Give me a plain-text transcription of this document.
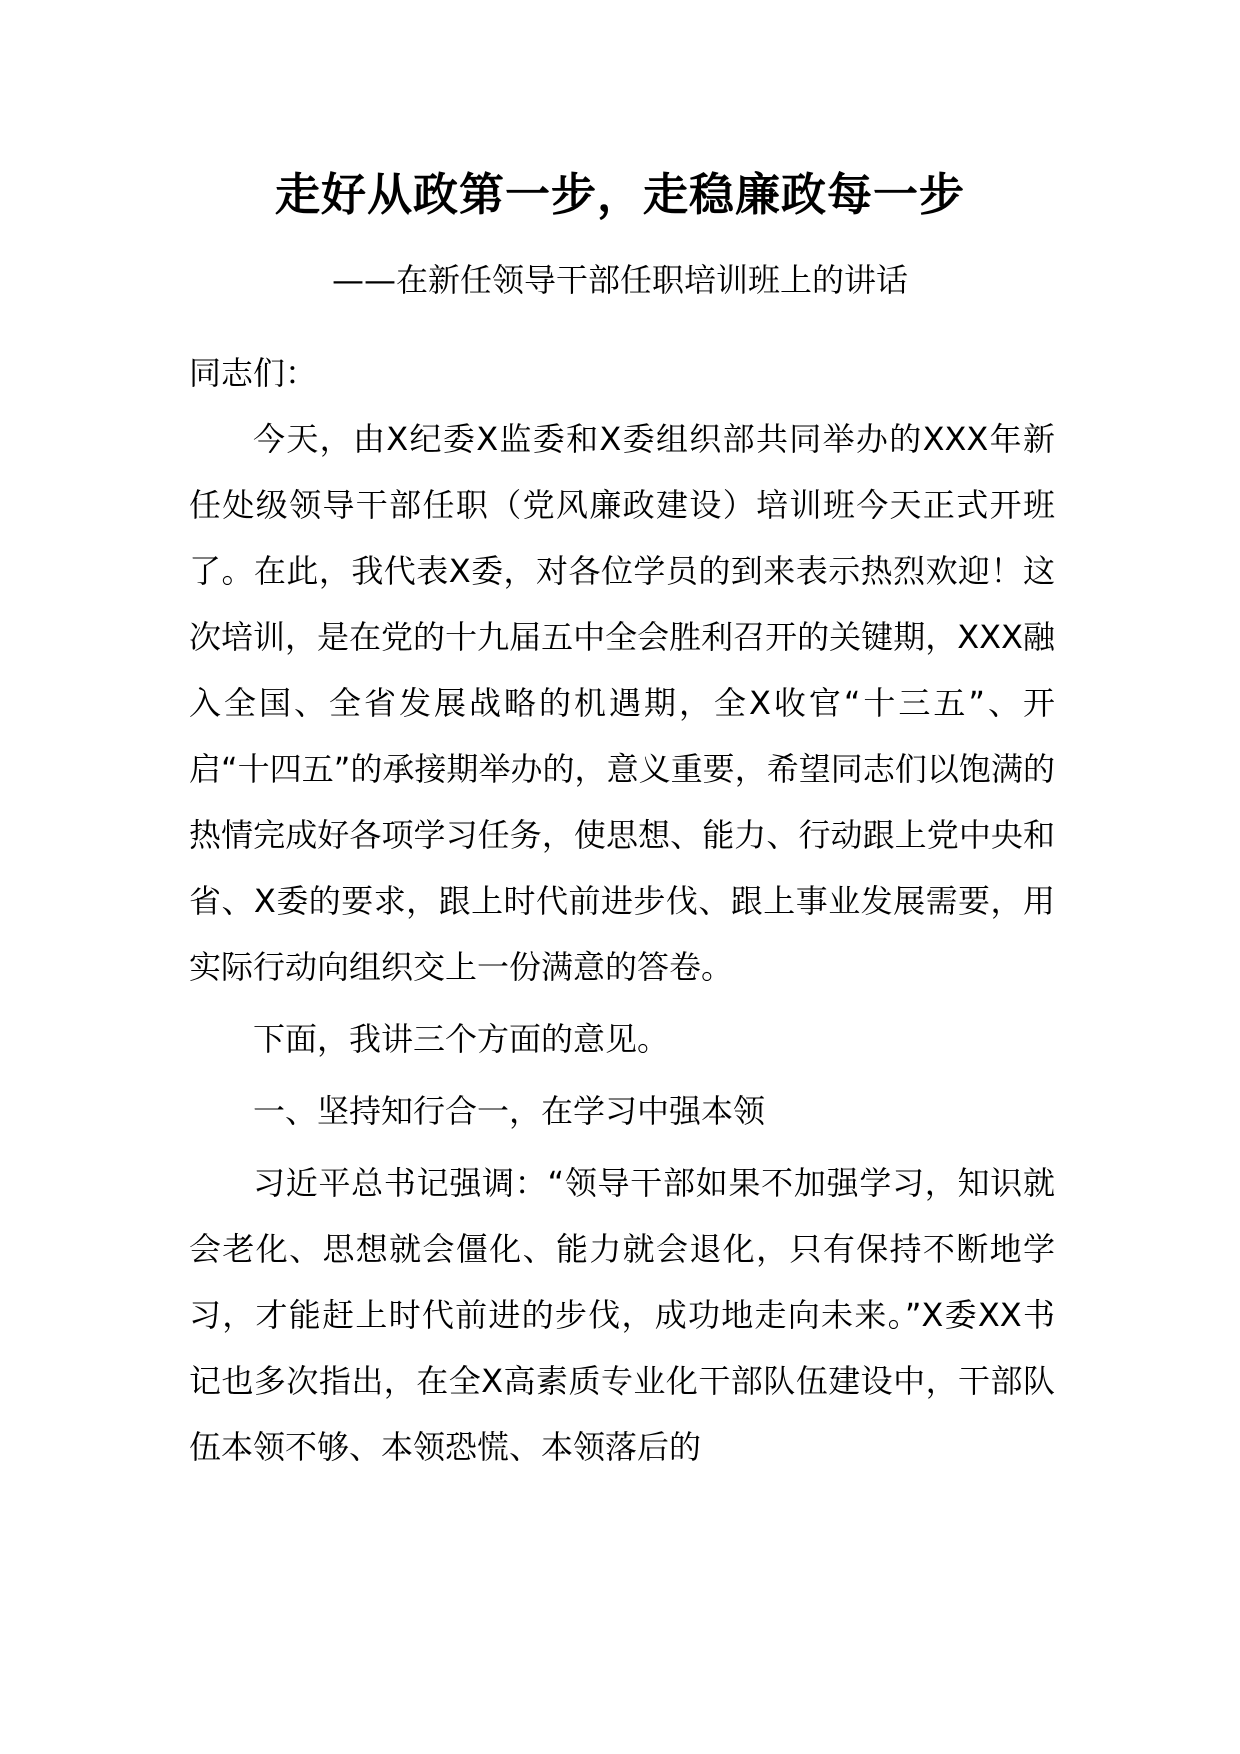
走好从政第一步，走稳廉政每一步
——在新任领导干部任职培训班上的讲话

同志们：

今天，由X纪委X监委和X委组织部共同举办的XXX年新任处级领导干部任职（党风廉政建设）培训班今天正式开班了。在此，我代表X委，对各位学员的到来表示热烈欢迎！这次培训，是在党的十九届五中全会胜利召开的关键期，XXX融入全国、全省发展战略的机遇期，全X收官“十三五”、开启“十四五”的承接期举办的，意义重要，希望同志们以饱满的热情完成好各项学习任务，使思想、能力、行动跟上党中央和省、X委的要求，跟上时代前进步伐、跟上事业发展需要，用实际行动向组织交上一份满意的答卷。

下面，我讲三个方面的意见。

一、坚持知行合一，在学习中强本领

习近平总书记强调：“领导干部如果不加强学习，知识就会老化、思想就会僵化、能力就会退化，只有保持不断地学习，才能赶上时代前进的步伐，成功地走向未来。”X委XX书记也多次指出，在全X高素质专业化干部队伍建设中，干部队伍本领不够、本领恐慌、本领落后的
